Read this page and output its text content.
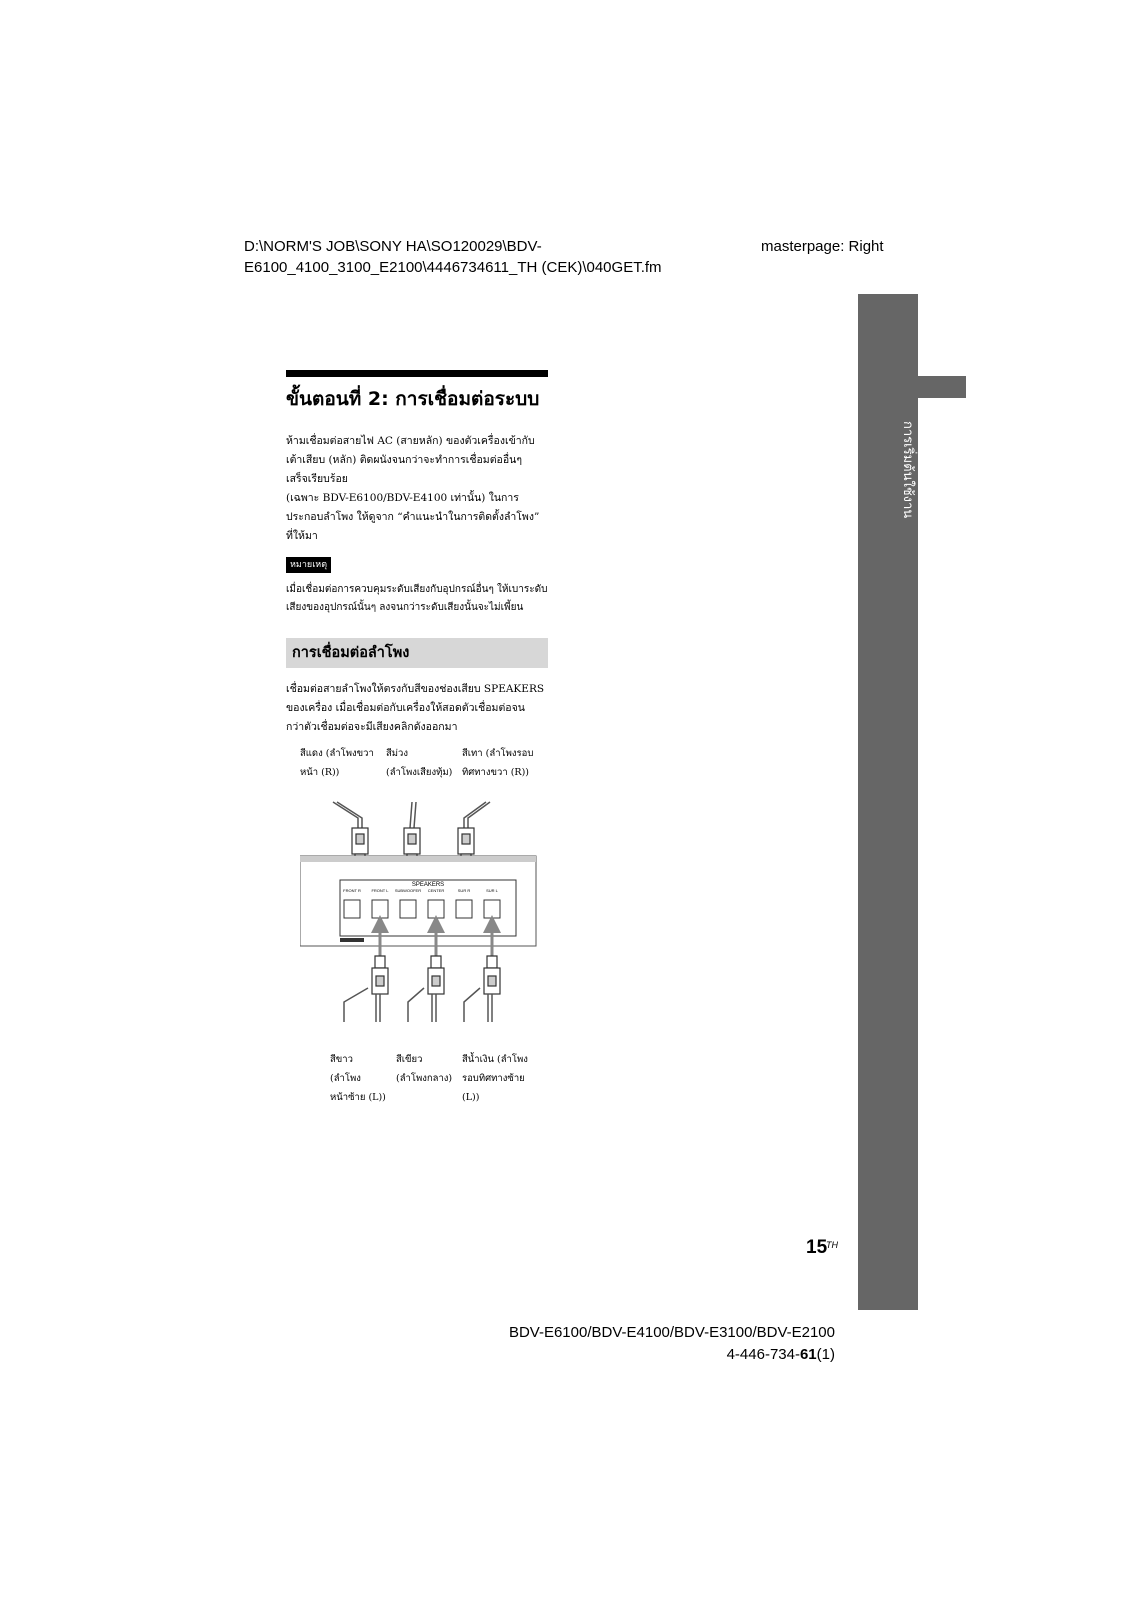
D:\NORM'S JOB\SONY HA\SO120029\BDV-
E6100_4100_3100_E2100\4446734611_TH (CEK)\040GET.fm
masterpage: Right
การเริ่มต้นใช้งาน
ขั้นตอนที่ 2: การเชื่อมต่อระบบ
ห้ามเชื่อมต่อสายไฟ AC (สายหลัก) ของตัวเครื่องเข้ากับ
เต้าเสียบ (หลัก) ติดผนังจนกว่าจะทำการเชื่อมต่ออื่นๆ
เสร็จเรียบร้อย
(เฉพาะ BDV-E6100/BDV-E4100 เท่านั้น) ในการ
ประกอบลำโพง ให้ดูจาก “คำแนะนำในการติดตั้งลำโพง”
ที่ให้มา
หมายเหตุ
เมื่อเชื่อมต่อการควบคุมระดับเสียงกับอุปกรณ์อื่นๆ ให้เบาระดับ
เสียงของอุปกรณ์นั้นๆ ลงจนกว่าระดับเสียงนั้นจะไม่เพี้ยน
การเชื่อมต่อลำโพง
เชื่อมต่อสายลำโพงให้ตรงกับสีของช่องเสียบ SPEAKERS
ของเครื่อง เมื่อเชื่อมต่อกับเครื่องให้สอดตัวเชื่อมต่อจน
กว่าตัวเชื่อมต่อจะมีเสียงคลิกดังออกมา
สีแดง (ลำโพงขวา
หน้า (R))
สีม่วง
(ลำโพงเสียงทุ้ม)
สีเทา (ลำโพงรอบ
ทิศทางขวา (R))
SPEAKERS
FRONT R	FRONT L SUBWOOFER CENTER	SUR R	SUR L
สีขาว
(ลำโพง
หน้าซ้าย (L))
สีเขียว
(ลำโพงกลาง)
สีน้ำเงิน (ลำโพง
รอบทิศทางซ้าย
(L))
15
TH
BDV-E6100/BDV-E4100/BDV-E3100/BDV-E2100
4-446-734-61(1)
